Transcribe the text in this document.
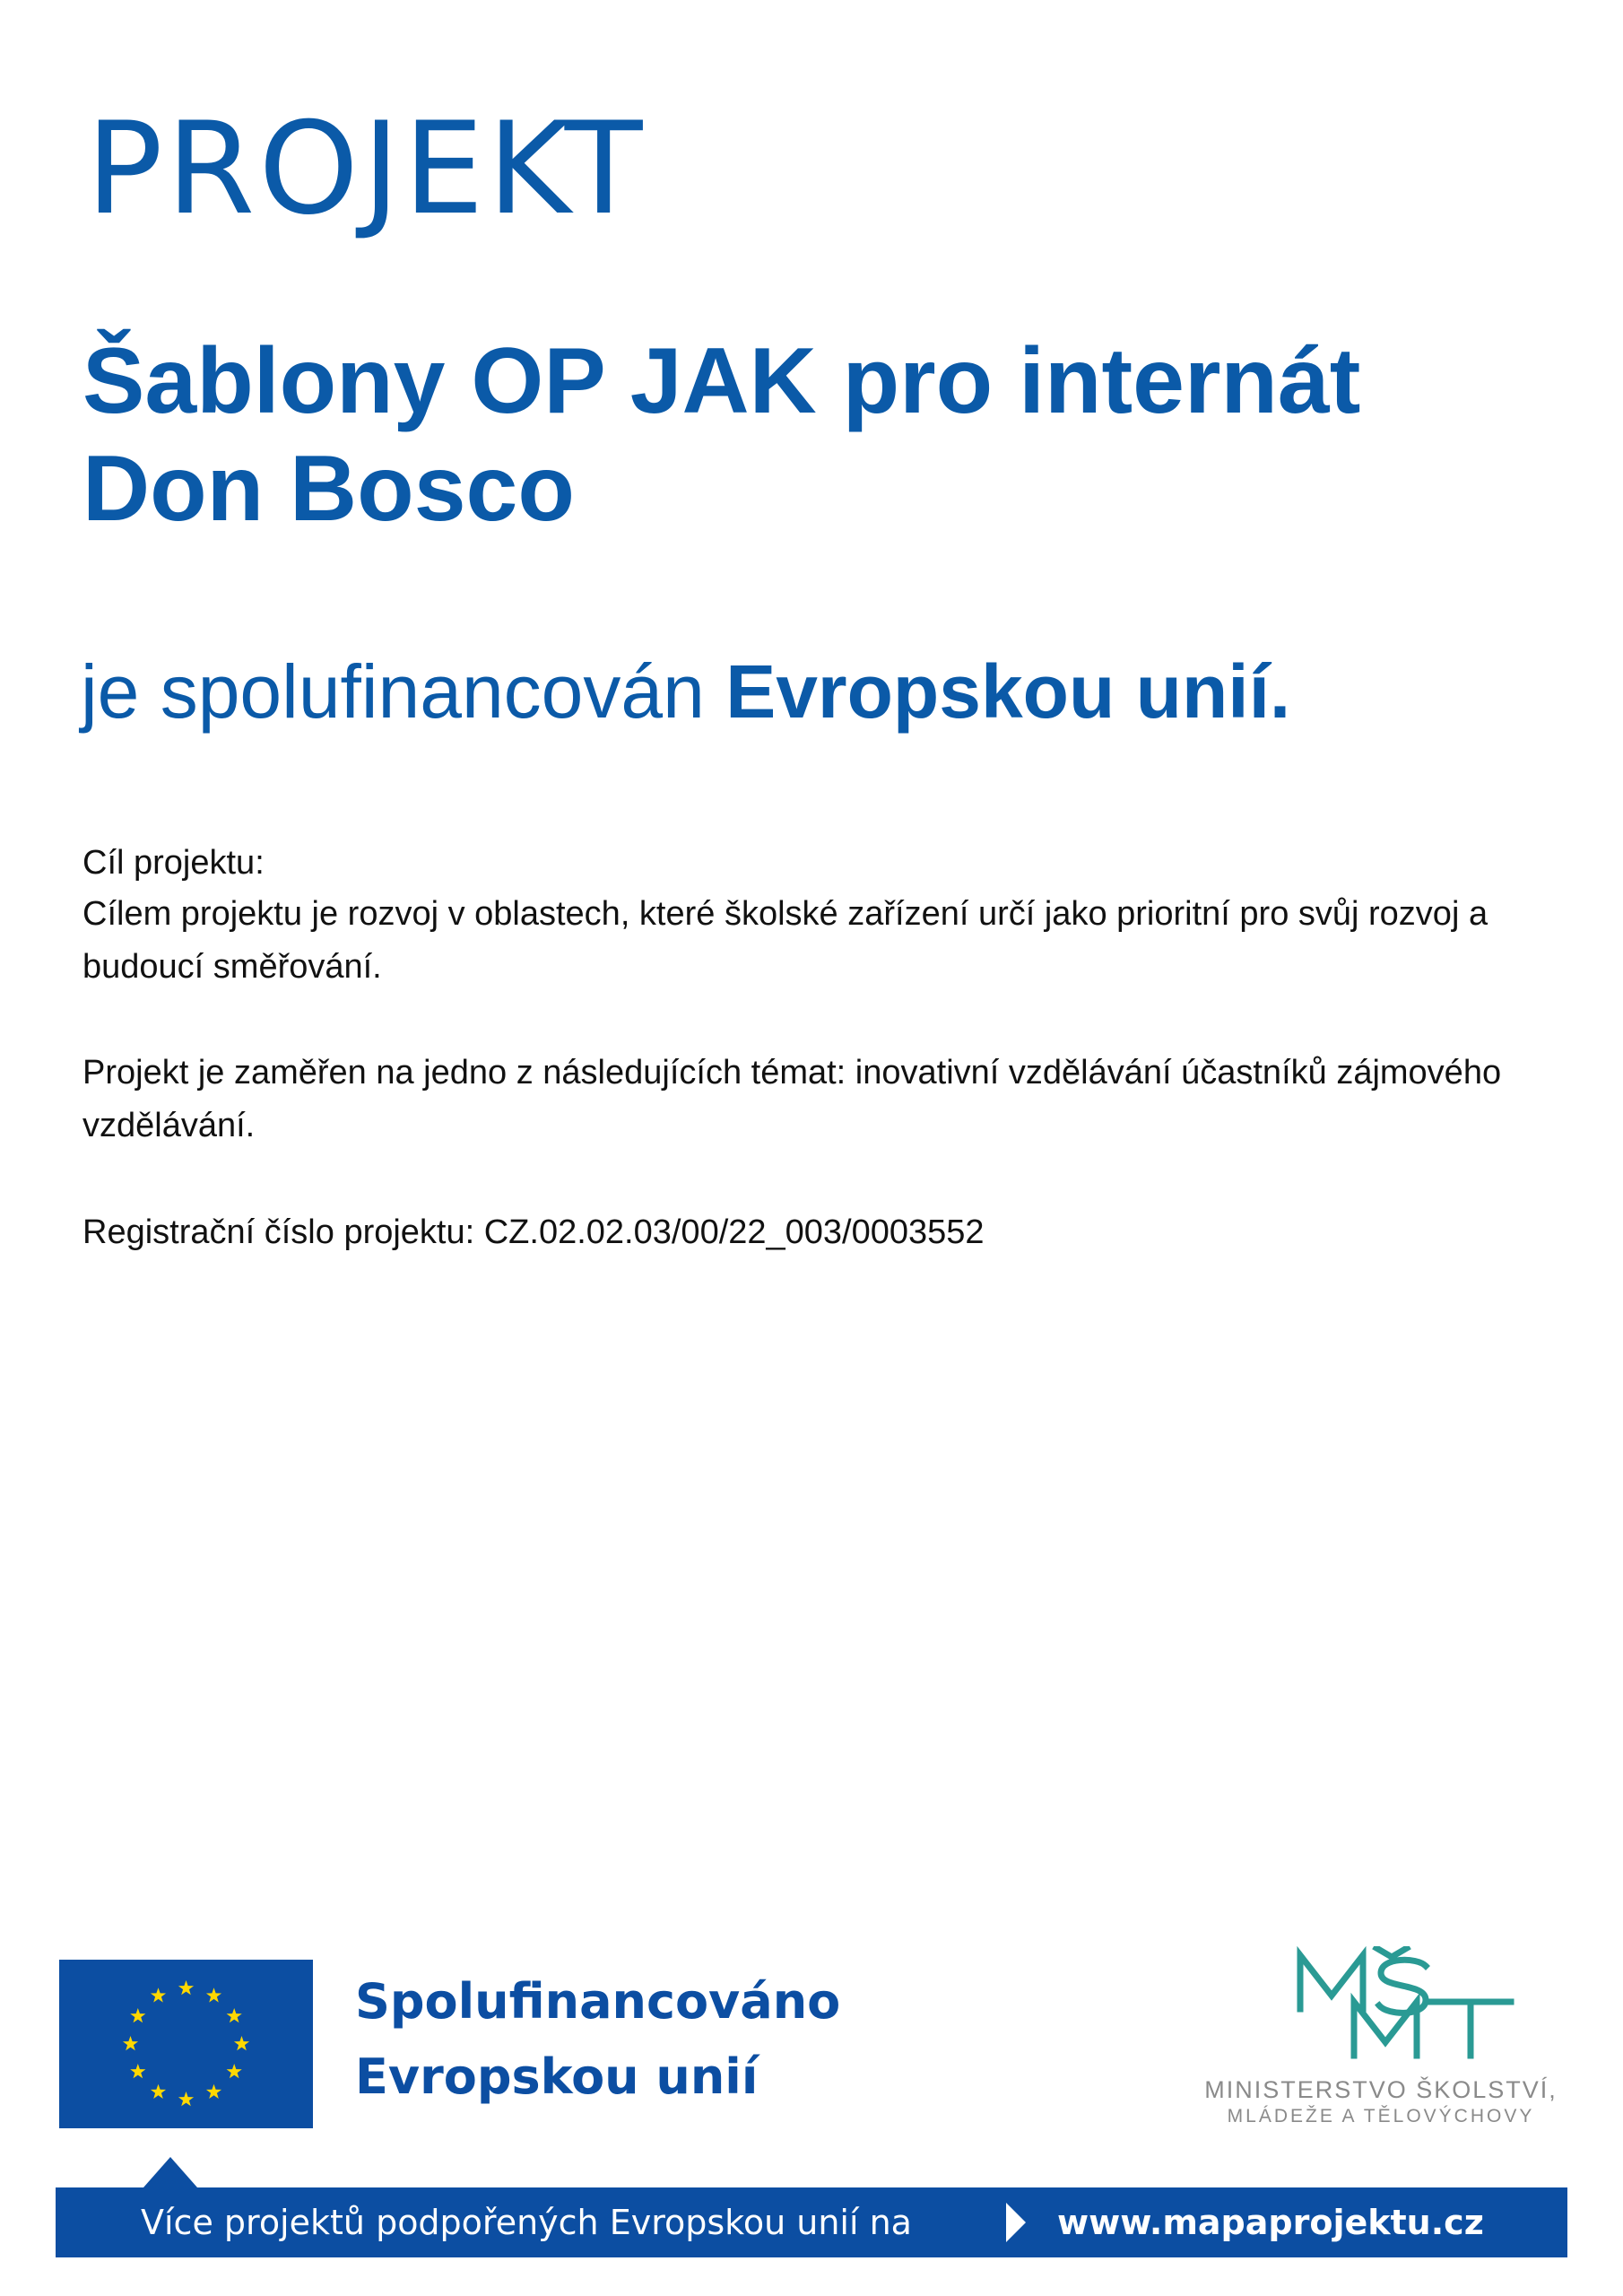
PROJEKT
Šablony OP JAK pro internát
Don Bosco
je spolufinancován Evropskou unií.

Cíl projektu:

Cílem projektu je rozvoj v oblastech, které školské zařízení určí jako prioritní pro svůj rozvoj a budoucí směřování.

Projekt je zaměřen na jedno z následujících témat: inovativní vzdělávání účastníků zájmového vzdělávání.

Registrační číslo projektu: CZ.02.02.03/00/22_003/0003552

Spolufinancováno
Evropskou unií	MINISTERSTVO ŠKOLSTVÍ,
MLÁDEŽE A TĚLOVÝCHOVY
Více projektů podpořených Evropskou unií na	www.mapaprojektu.cz
